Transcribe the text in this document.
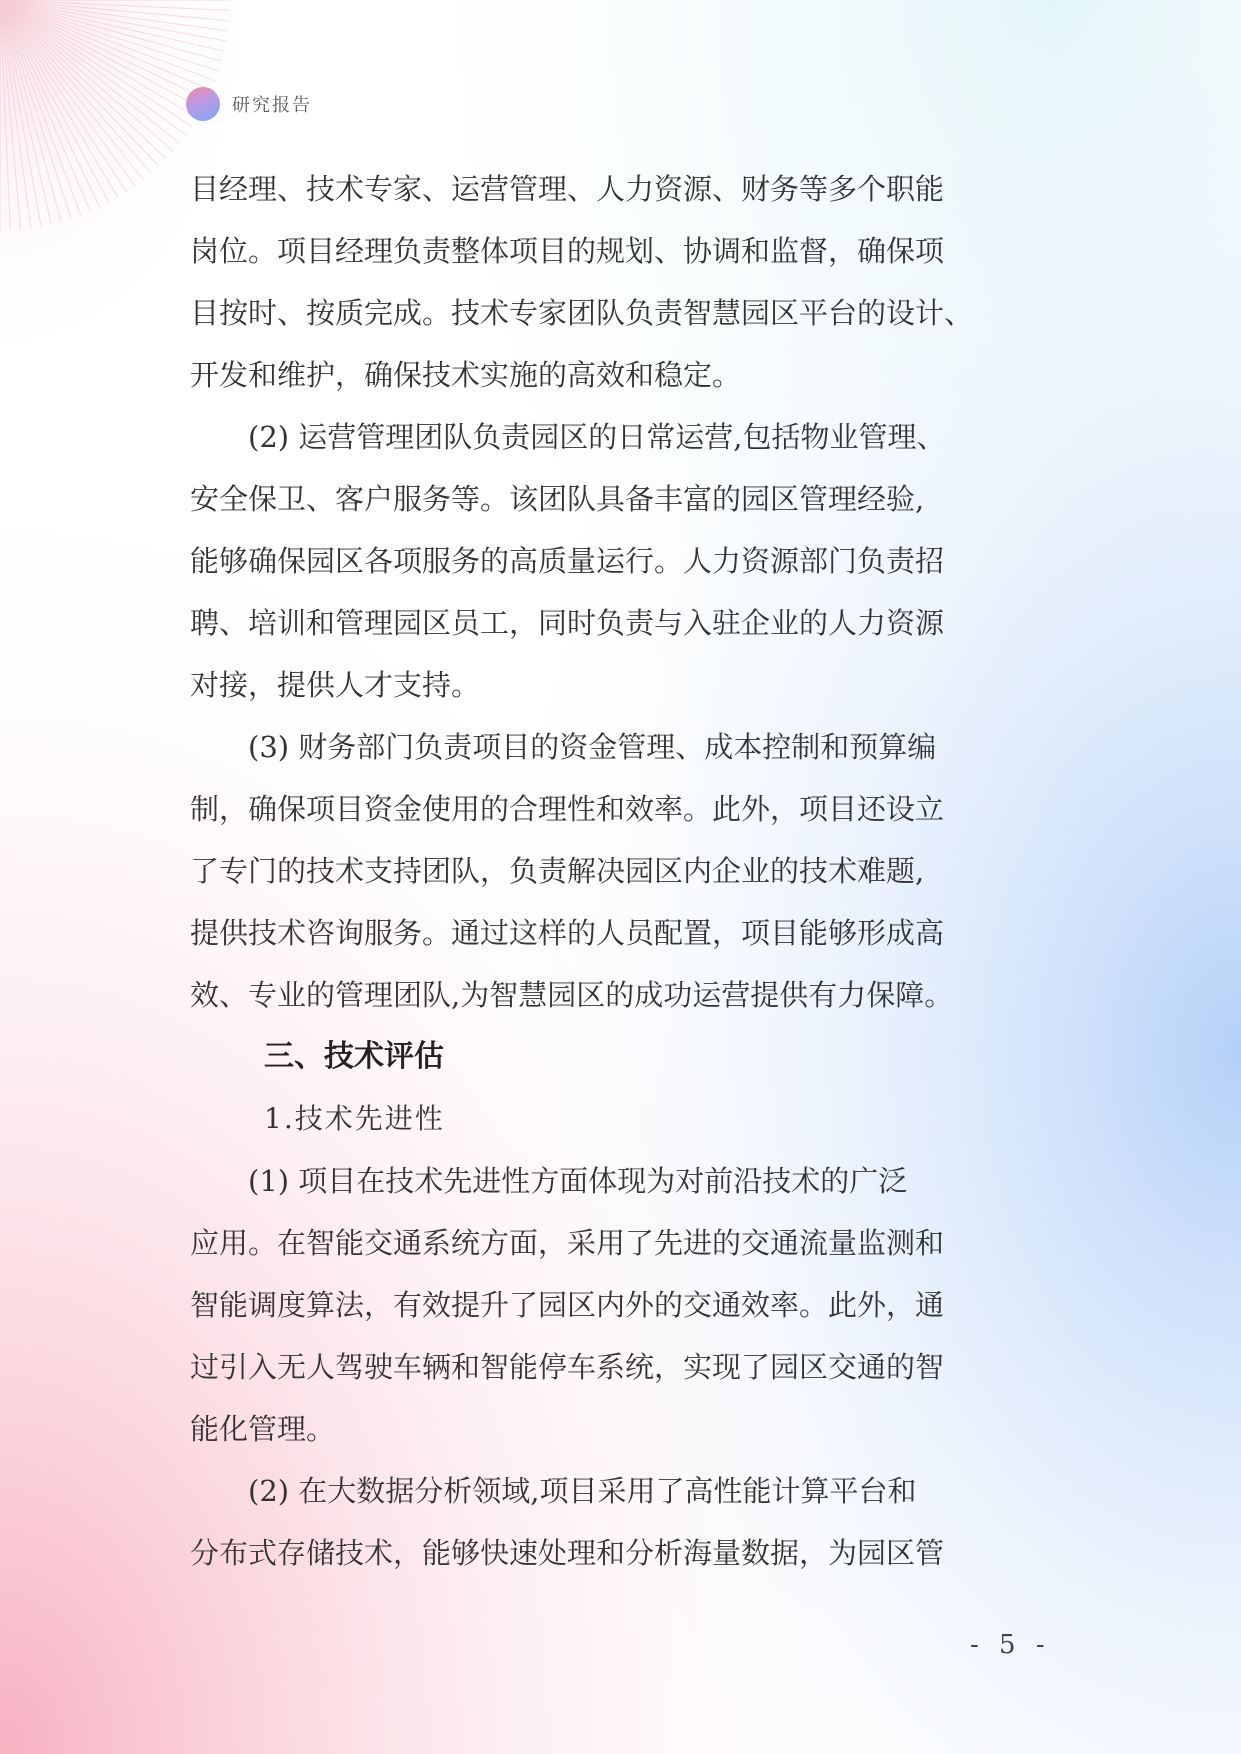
研究报告
目经理、技术专家、运营管理、人力资源、财务等多个职能
岗位。项目经理负责整体项目的规划、协调和监督，确保项
目按时、按质完成。技术专家团队负责智慧园区平台的设计、
开发和维护，确保技术实施的高效和稳定。
　　(2) 运营管理团队负责园区的日常运营,包括物业管理、
安全保卫、客户服务等。该团队具备丰富的园区管理经验,
能够确保园区各项服务的高质量运行。人力资源部门负责招
聘、培训和管理园区员工，同时负责与入驻企业的人力资源
对接，提供人才支持。
　　(3) 财务部门负责项目的资金管理、成本控制和预算编
制，确保项目资金使用的合理性和效率。此外，项目还设立
了专门的技术支持团队，负责解决园区内企业的技术难题,
提供技术咨询服务。通过这样的人员配置，项目能够形成高
效、专业的管理团队,为智慧园区的成功运营提供有力保障。
三、技术评估
1.技术先进性
　　(1) 项目在技术先进性方面体现为对前沿技术的广泛
应用。在智能交通系统方面，采用了先进的交通流量监测和
智能调度算法，有效提升了园区内外的交通效率。此外，通
过引入无人驾驶车辆和智能停车系统，实现了园区交通的智
能化管理。
　　(2) 在大数据分析领域,项目采用了高性能计算平台和
分布式存储技术，能够快速处理和分析海量数据，为园区管
- 5 -
